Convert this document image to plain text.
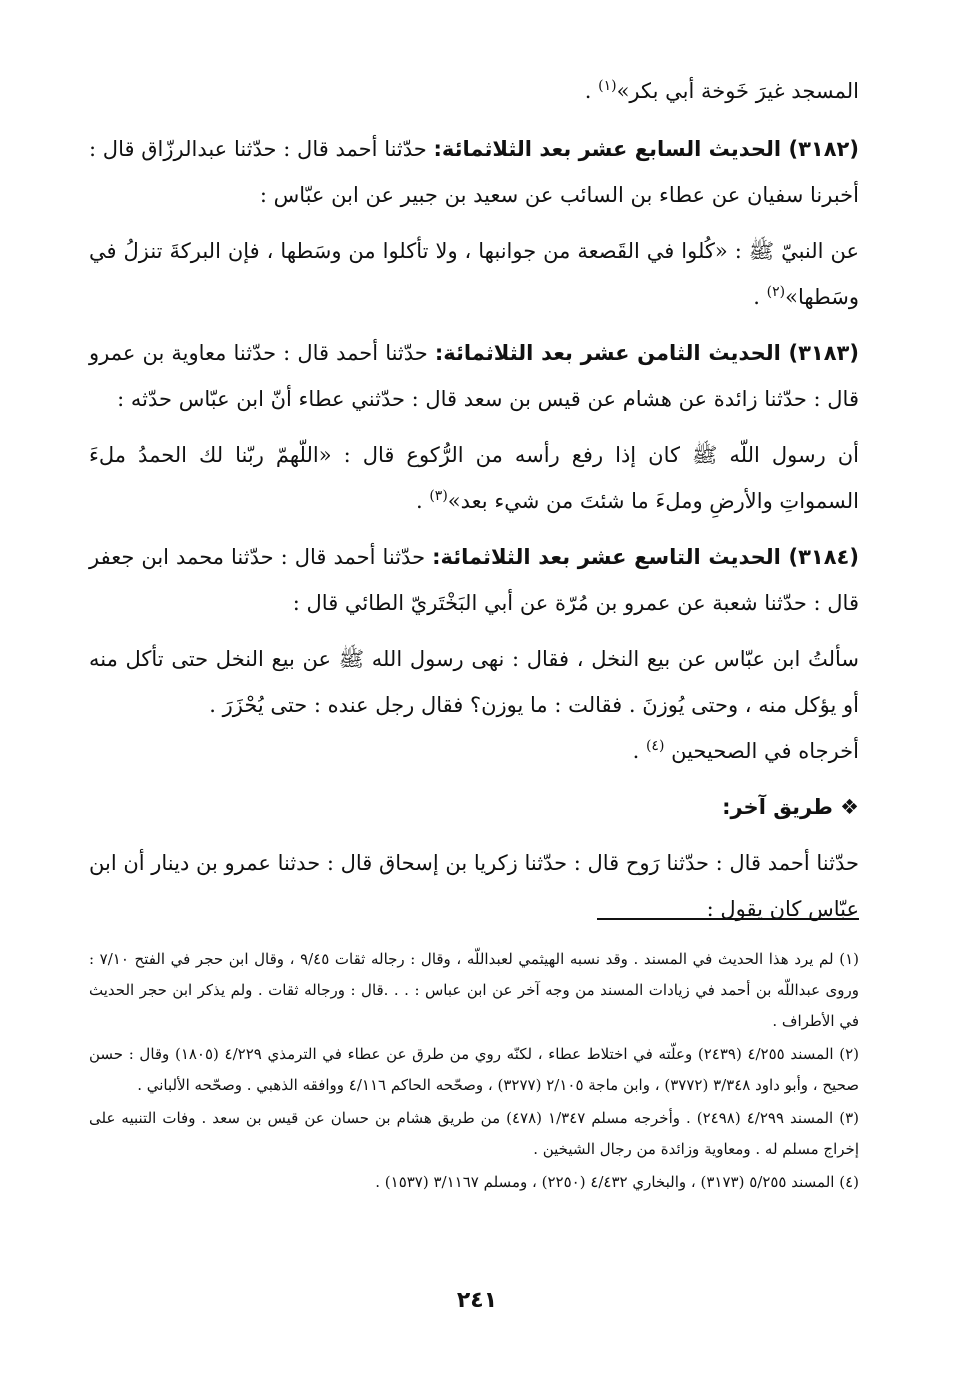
المسجد غيرَ خَوخة أبي بكر»$^{(١)}$ .

(٣١٨٢) الحديث السابع عشر بعد الثلاثمائة: حدّثنا أحمد قال : حدّثنا عبدالرزّاق قال : أخبرنا سفيان عن عطاء بن السائب عن سعيد بن جبير عن ابن عبّاس :

عن النبيّ ﷺ : «كُلوا في القَصعة من جوانبها ، ولا تأكلوا من وسَطها ، فإن البركةَ تنزلُ في وسَطها»$^{(٢)}$ .

(٣١٨٣) الحديث الثامن عشر بعد الثلاثمائة: حدّثنا أحمد قال : حدّثنا معاوية بن عمرو قال : حدّثنا زائدة عن هشام عن قيس بن سعد قال : حدّثني عطاء أنّ ابن عبّاس حدّثه :

أن رسول اللّه ﷺ كان إذا رفع رأسه من الرُّكوع قال : «اللّهمّ ربّنا لك الحمدُ ملءَ السمواتِ والأرضِ وملءَ ما شئتَ من شيء بعد»$^{(٣)}$ .

(٣١٨٤) الحديث التاسع عشر بعد الثلاثمائة: حدّثنا أحمد قال : حدّثنا محمد ابن جعفر قال : حدّثنا شعبة عن عمرو بن مُرّة عن أبي البَخْتَريّ الطائي قال :

سألتُ ابن عبّاس عن بيع النخل ، فقال : نهى رسول الله ﷺ عن بيع النخل حتى تأكل منه أو يؤكل منه ، وحتى يُوزنَ . فقالت : ما يوزن؟ فقال رجل عنده : حتى يُحْزَرَ .

أخرجاه في الصحيحين $^{(٤)}$ .

❖ طريق آخر:

حدّثنا أحمد قال : حدّثنا رَوح قال : حدّثنا زكريا بن إسحاق قال : حدثنا عمرو بن دينار أن ابن عبّاس كان يقول :

(١) لم يرد هذا الحديث في المسند . وقد نسبه الهيثمي لعبداللّه ، وقال : رجاله ثقات ٩/٤٥ ، وقال ابن حجر في الفتح ٧/١٠ : وروى عبداللّه بن أحمد في زيادات المسند من وجه آخر عن ابن عباس : . . .قال : ورجاله ثقات . ولم يذكر ابن حجر الحديث في الأطراف .

(٢) المسند ٤/٢٥٥ (٢٤٣٩) وعلّته في اختلاط عطاء ، لكنّه روي من طرق عن عطاء في الترمذي ٤/٢٢٩ (١٨٠٥) وقال : حسن صحيح ، وأبو داود ٣/٣٤٨ (٣٧٧٢) ، وابن ماجة ٢/١٠٥ (٣٢٧٧) ، وصحّحه الحاكم ٤/١١٦ ووافقه الذهبي . وصحّحه الألباني .

(٣) المسند ٤/٢٩٩ (٢٤٩٨) . وأخرجه مسلم ١/٣٤٧ (٤٧٨) من طريق هشام بن حسان عن قيس بن سعد . وفات التنبيه على إخراج مسلم له . ومعاوية وزائدة من رجال الشيخين .

(٤) المسند ٥/٢٥٥ (٣١٧٣) ، والبخاري ٤/٤٣٢ (٢٢٥٠) ، ومسلم ٣/١١٦٧ (١٥٣٧) .

٢٤١
